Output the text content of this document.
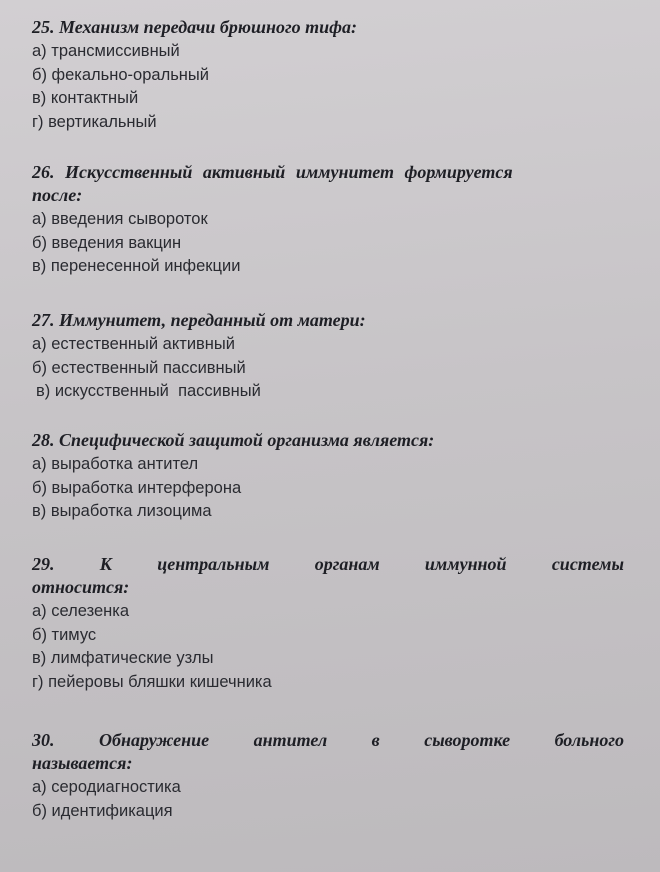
25. Механизм передачи брюшного тифа:

а) трансмиссивный

б) фекально-оральный

в) контактный

г) вертикальный

26. Искусственный активный иммунитет формируется
после:

а) введения сывороток

б) введения вакцин

в) перенесенной инфекции

27. Иммунитет, переданный от матери:

а) естественный активный

б) естественный пассивный

в) искусственный  пассивный

28. Специфической защитой организма является:

а) выработка антител

б) выработка интерферона

в) выработка лизоцима

29.	К	центральным	органам	иммунной	системы
относится:

а) селезенка

б) тимус

в) лимфатические узлы

г) пейеровы бляшки кишечника

30. Обнаружение антител в сыворотке больного
называется:

а) серодиагностика

б) идентификация
